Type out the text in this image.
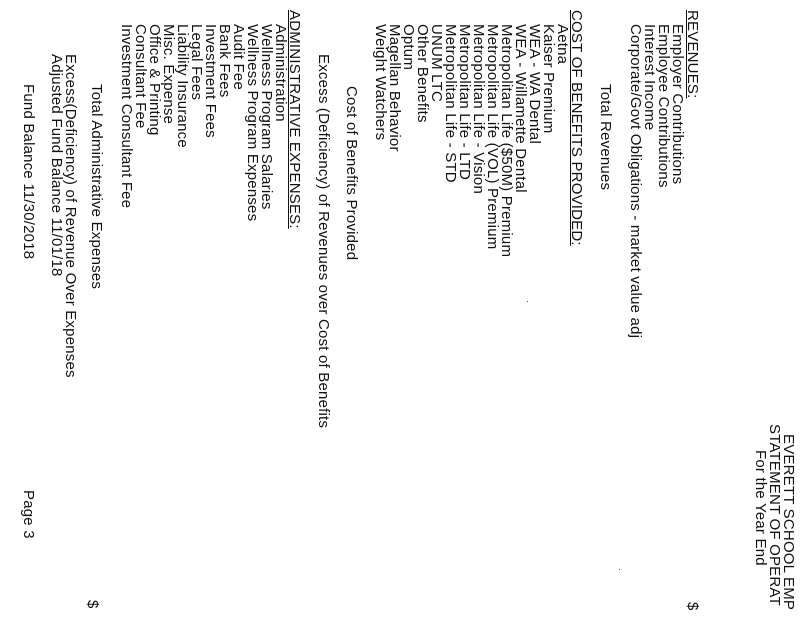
EVERETT SCHOOL EMP
STATEMENT OF OPERAT
For the Year End
$
$
REVENUES:
Employer Contributions
Employee Contributions
Interest Income
Corporate/Govt Obligations - market value adj
Total Revenues
COST OF BENEFITS PROVIDED:
Aetna
Kaiser Premium
WEA - WA Dental
WEA - Willamette Dental
Metropolitan Life ($50M) Premium
Metropolitan Life (VOL) Premium
Metropolitan Life - Vision
Metropolitan Life - LTD
Metropolitan Life - STD
UNUM LTC
Other Benefits
Optum
Magellan Behavior
Weight Watchers
Cost of Benefits Provided
Excess (Deficiency) of Revenues over Cost of Benefits
ADMINISTRATIVE EXPENSES:
Administration
Wellness Program Salaries
Wellness Program Expenses
Audit Fee
Bank Fees
Investment Fees
Legal Fees
Liability Insurance
Misc. Expense
Office & Printing
Consultant Fee
Investment Consultant Fee
Total Administrative Expenses
Excess(Deficiency) of Revenue Over Expenses
Adjusted Fund Balance 11/01/18
Fund Balance 11/30/2018
Page 3
·
·
